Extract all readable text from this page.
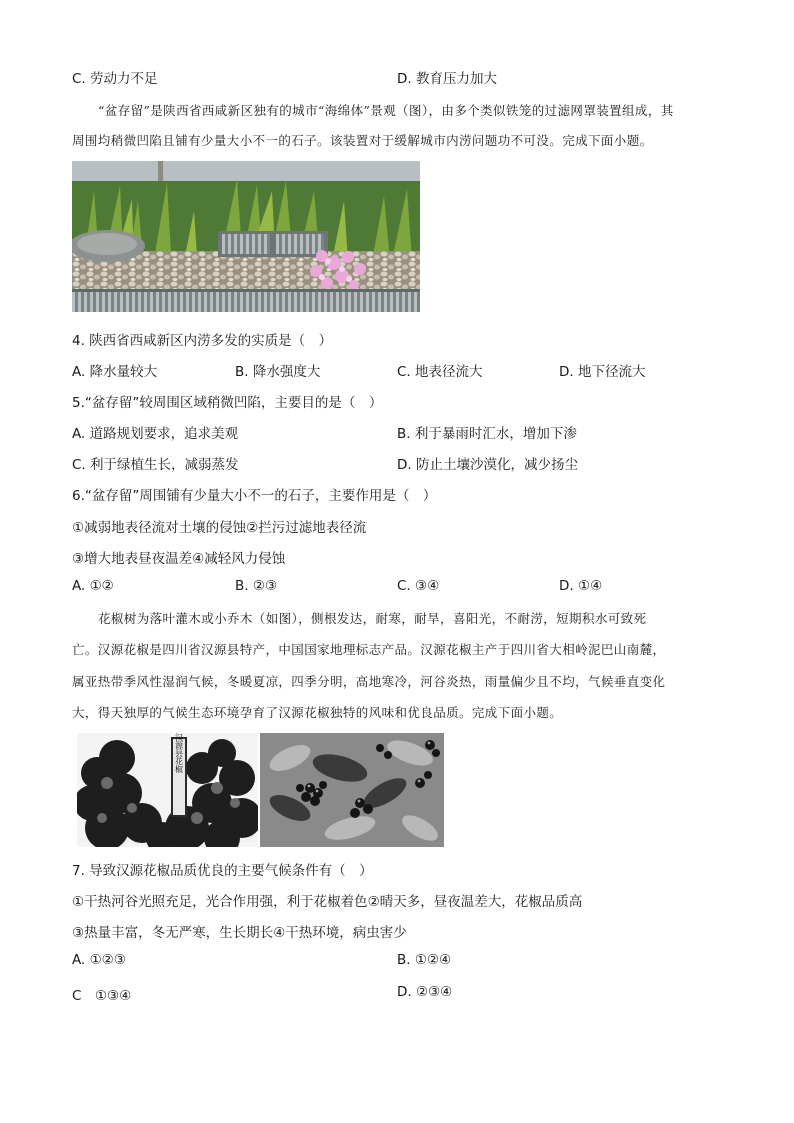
C. 劳动力不足	D. 教育压力加大
“盆存留”是陕西省西咸新区独有的城市“海绵体”景观（图），由多个类似铁笼的过滤网罩装置组成，其
周围均稍微凹陷且铺有少量大小不一的石子。该装置对于缓解城市内涝问题功不可没。完成下面小题。
4. 陕西省西咸新区内涝多发的实质是（　）
A. 降水量较大	B. 降水强度大	C. 地表径流大	D. 地下径流大
5.“盆存留”较周围区域稍微凹陷，主要目的是（　）
A. 道路规划要求，追求美观	B. 利于暴雨时汇水，增加下渗
C. 利于绿植生长，减弱蒸发	D. 防止土壤沙漠化，减少扬尘
6.“盆存留”周围铺有少量大小不一的石子，主要作用是（　）
①减弱地表径流对土壤的侵蚀②拦污过滤地表径流
③增大地表昼夜温差④减轻风力侵蚀
A. ①②	B. ②③	C. ③④	D. ①④
花椒树为落叶灌木或小乔木（如图），侧根发达，耐寒，耐旱，喜阳光，不耐涝，短期积水可致死
亡。汉源花椒是四川省汉源县特产，中国国家地理标志产品。汉源花椒主产于四川省大相岭泥巴山南麓，
属亚热带季风性湿润气候，冬暖夏凉，四季分明，高地寒冷，河谷炎热，雨量偏少且不均，气候垂直变化
大，得天独厚的气候生态环境孕育了汉源花椒独特的风味和优良品质。完成下面小题。
汉源县花椒
7. 导致汉源花椒品质优良的主要气候条件有（　）
①干热河谷光照充足，光合作用强，利于花椒着色②晴天多，昼夜温差大，花椒品质高
③热量丰富，冬无严寒，生长期长④干热环境，病虫害少
A. ①②③	B. ①②④
C　①③④	D. ②③④
